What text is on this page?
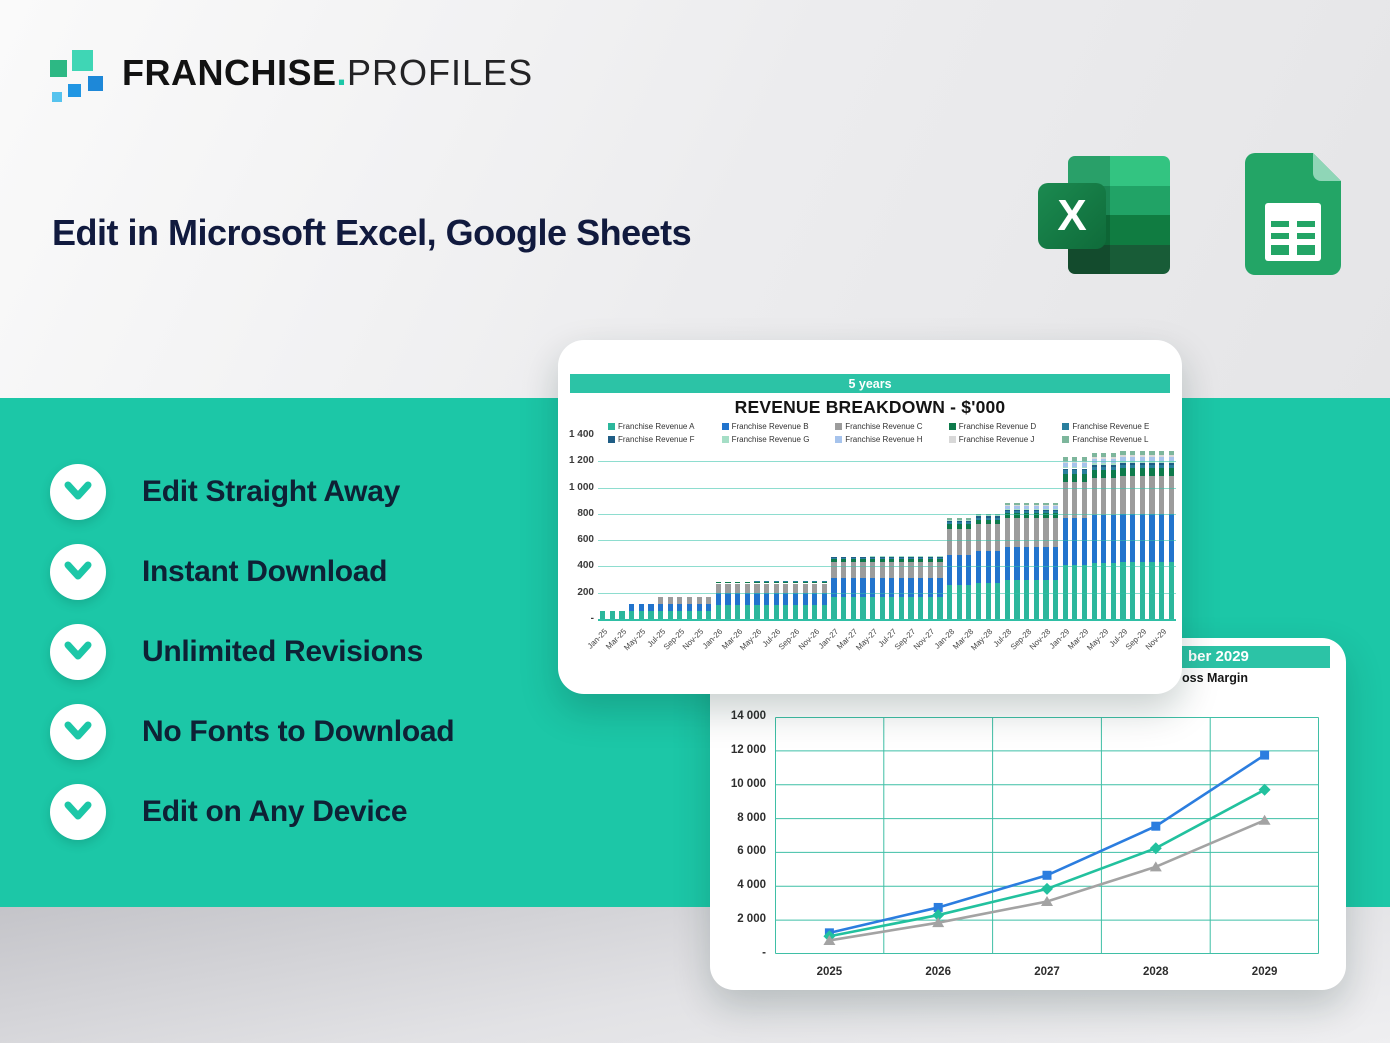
FRANCHISE.PROFILES
Edit in Microsoft Excel, Google Sheets	X
Edit Straight Away
Instant Download
Unlimited Revisions
No Fonts to Download
Edit on Any Device
ber 2029
oss Margin
14 000
12 000
10 000
8 000
6 000
4 000
2 000
-
2025	2026	2027	2028	2029
5 years
REVENUE BREAKDOWN - $'000
Franchise Revenue A	Franchise Revenue B	Franchise Revenue C	Franchise Revenue D	Franchise Revenue E
Franchise Revenue F	Franchise Revenue G	Franchise Revenue H	Franchise Revenue J	Franchise Revenue L
1 400
1 200
1 000
800
600
400
200
-
Jan-25
Mar-25
May-25
Jul-25
Sep-25
Nov-25
Jan-26
Mar-26
May-26
Jul-26
Sep-26
Nov-26
Jan-27
Mar-27
May-27
Jul-27
Sep-27
Nov-27
Jan-28
Mar-28
May-28
Jul-28
Sep-28
Nov-28
Jan-29
Mar-29
May-29
Jul-29
Sep-29
Nov-29
